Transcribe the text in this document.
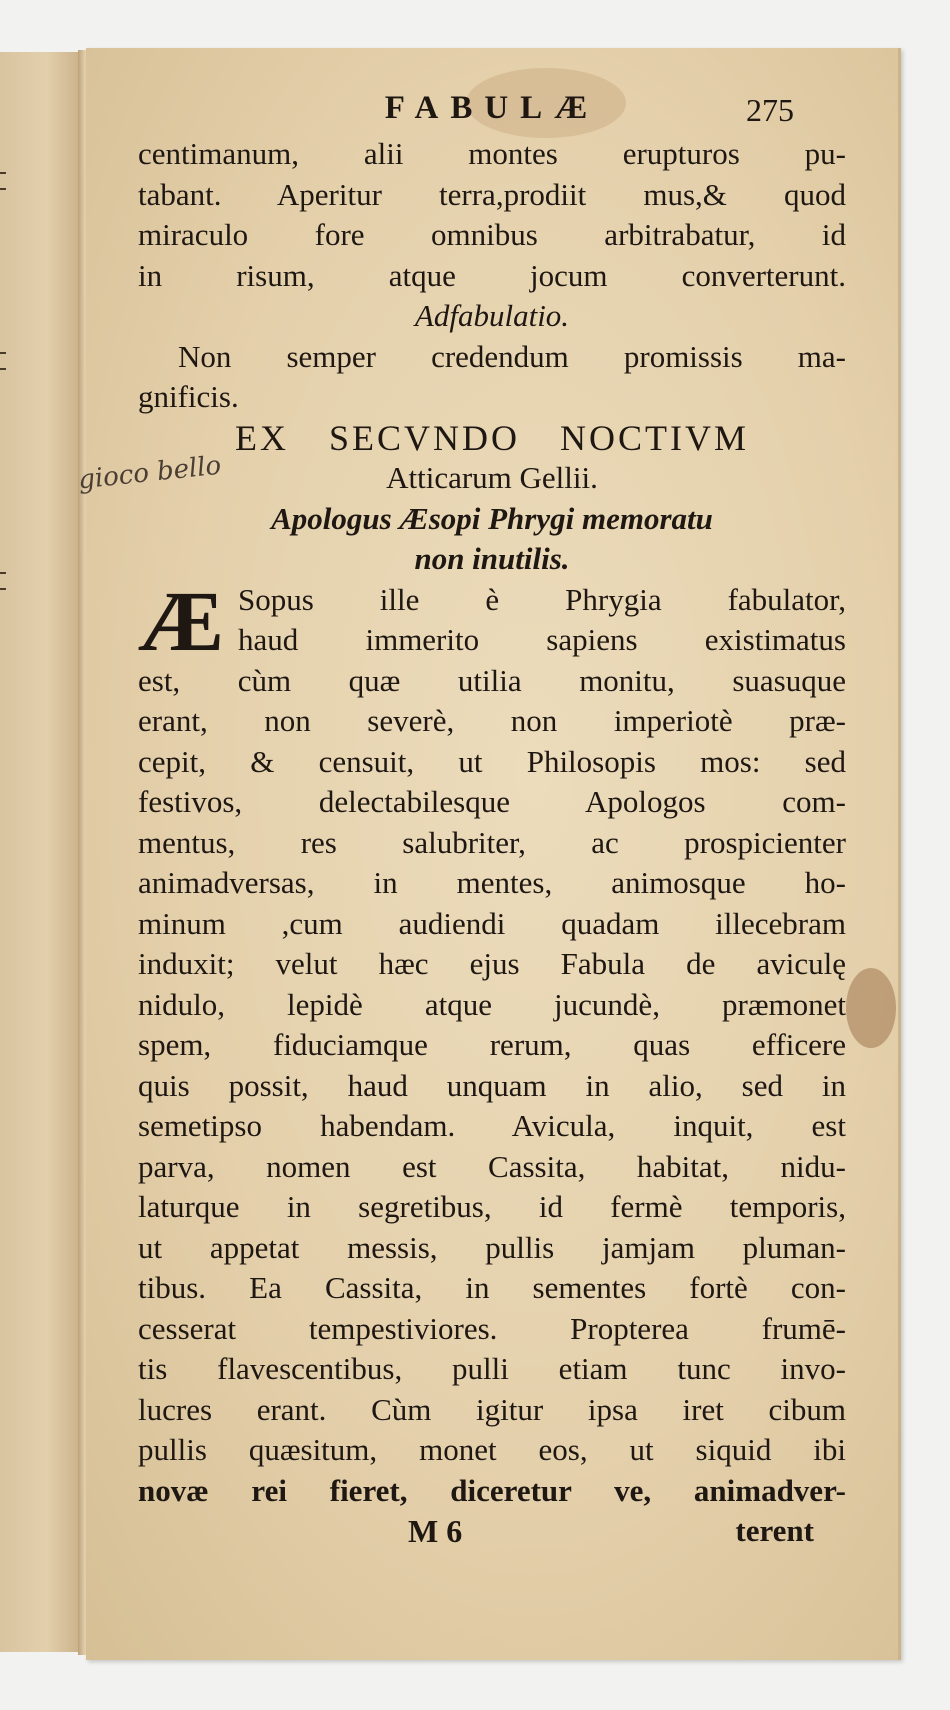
FABULÆ	275
centimanum, alii montes erupturos pu-
tabant. Aperitur terra,prodiit mus,& quod
miraculo fore omnibus arbitrabatur, id
in risum, atque jocum converterunt.
Adfabulatio.
Non semper credendum promissis ma-
gnificis.
EX SECVNDO NOCTIVM
gioco bello	Atticarum Gellii.
Apologus Æsopi Phrygi memoratu
non inutilis.
Æ Sopus ille è Phrygia fabulator,
haud immerito sapiens existimatus
est, cùm quæ utilia monitu, suasuque
erant, non severè, non imperiotè præ-
cepit, & censuit, ut Philosopis mos: sed
festivos, delectabilesque Apologos com-
mentus, res salubriter, ac prospicienter
animadversas, in mentes, animosque ho-
minum ,cum audiendi quadam illecebram
induxit; velut hæc ejus Fabula de aviculę
nidulo, lepidè atque jucundè, præmonet
spem, fiduciamque rerum, quas efficere
quis possit, haud unquam in alio, sed in
semetipso habendam. Avicula, inquit, est
parva, nomen est Cassita, habitat, nidu-
laturque in segretibus, id fermè temporis,
ut appetat messis, pullis jamjam pluman-
tibus. Ea Cassita, in sementes fortè con-
cesserat tempestiviores. Propterea frumē-
tis flavescentibus, pulli etiam tunc invo-
lucres erant. Cùm igitur ipsa iret cibum
pullis quæsitum, monet eos, ut siquid ibi
novæ rei fieret, diceretur ve, animadver-
M 6	terent
